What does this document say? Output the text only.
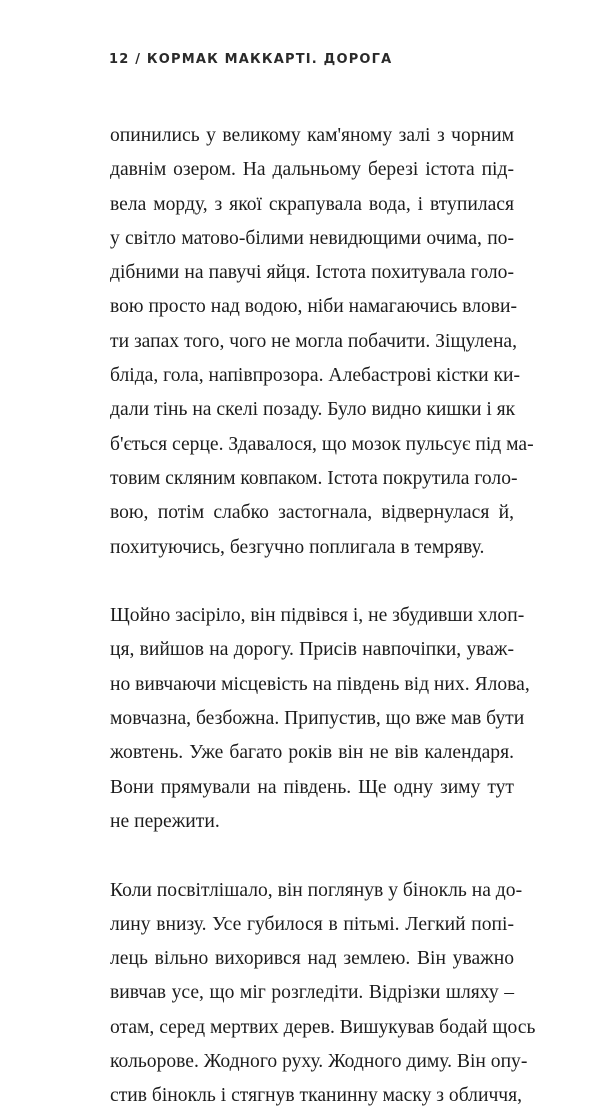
12 / КОРМАК МАККАРТІ. ДОРОГА

опинились у великому кам'яному залі з чорним
давнім озером. На дальньому березі істота під-
вела морду, з якої скрапувала вода, і втупилася
у світло матово-білими невидющими очима, по-
дібними на павучі яйця. Істота похитувала голо-
вою просто над водою, ніби намагаючись влови-
ти запах того, чого не могла побачити. Зіщулена,
бліда, гола, напівпрозора. Алебастрові кістки ки-
дали тінь на скелі позаду. Було видно кишки і як
б'ється серце. Здавалося, що мозок пульсує під ма-
товим скляним ковпаком. Істота покрутила голо-
вою, потім слабко застогнала, відвернулася й,
похитуючись, безгучно поплигала в темряву.

Щойно засіріло, він підвівся і, не збудивши хлоп-
ця, вийшов на дорогу. Присів навпочіпки, уваж-
но вивчаючи місцевість на південь від них. Ялова,
мовчазна, безбожна. Припустив, що вже мав бути
жовтень. Уже багато років він не вів календаря.
Вони прямували на південь. Ще одну зиму тут
не пережити.

Коли посвітлішало, він поглянув у бінокль на до-
лину внизу. Усе губилося в пітьмі. Легкий попі-
лець вільно вихорився над землею. Він уважно
вивчав усе, що міг розгледіти. Відрізки шляху –
отам, серед мертвих дерев. Вишукував бодай щось
кольорове. Жодного руху. Жодного диму. Він опу-
стив бінокль і стягнув тканинну маску з обличчя,
